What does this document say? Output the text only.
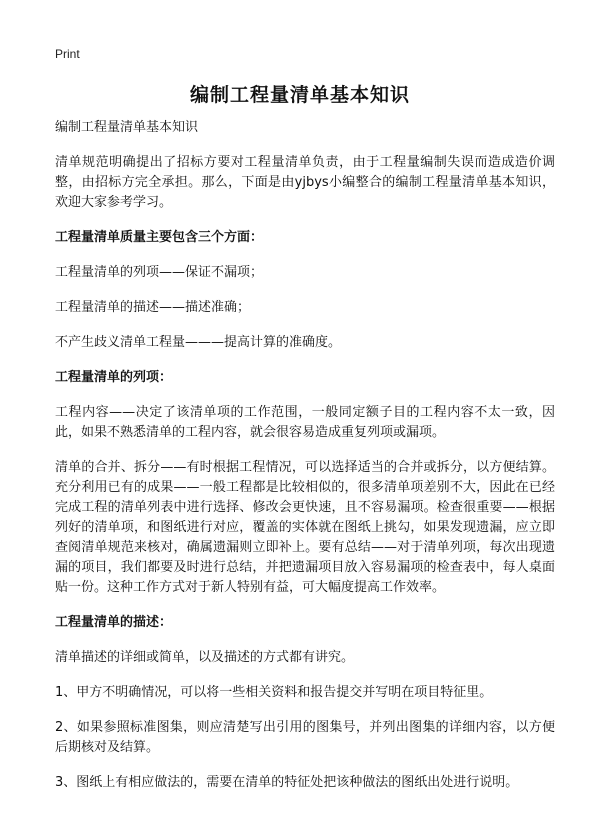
Print
编制工程量清单基本知识

编制工程量清单基本知识

清单规范明确提出了招标方要对工程量清单负责，由于工程量编制失误而造成造价调整，由招标方完全承担。那么，下面是由yjbys小编整合的编制工程量清单基本知识，欢迎大家参考学习。

工程量清单质量主要包含三个方面：

工程量清单的列项——保证不漏项；

工程量清单的描述——描述准确；

不产生歧义清单工程量———提高计算的准确度。

工程量清单的列项：

工程内容——决定了该清单项的工作范围，一般同定额子目的工程内容不太一致，因此，如果不熟悉清单的工程内容，就会很容易造成重复列项或漏项。

清单的合并、拆分——有时根据工程情况，可以选择适当的合并或拆分，以方便结算。充分利用已有的成果——一般工程都是比较相似的，很多清单项差别不大，因此在已经完成工程的清单列表中进行选择、修改会更快速，且不容易漏项。检查很重要——根据列好的清单项，和图纸进行对应，覆盖的实体就在图纸上挑勾，如果发现遗漏，应立即查阅清单规范来核对，确属遗漏则立即补上。要有总结——对于清单列项，每次出现遗漏的项目，我们都要及时进行总结，并把遗漏项目放入容易漏项的检查表中，每人桌面贴一份。这种工作方式对于新人特别有益，可大幅度提高工作效率。

工程量清单的描述：

清单描述的详细或简单，以及描述的方式都有讲究。

1、甲方不明确情况，可以将一些相关资料和报告提交并写明在项目特征里。

2、如果参照标准图集，则应清楚写出引用的图集号，并列出图集的详细内容，以方便后期核对及结算。

3、图纸上有相应做法的，需要在清单的特征处把该种做法的图纸出处进行说明。
